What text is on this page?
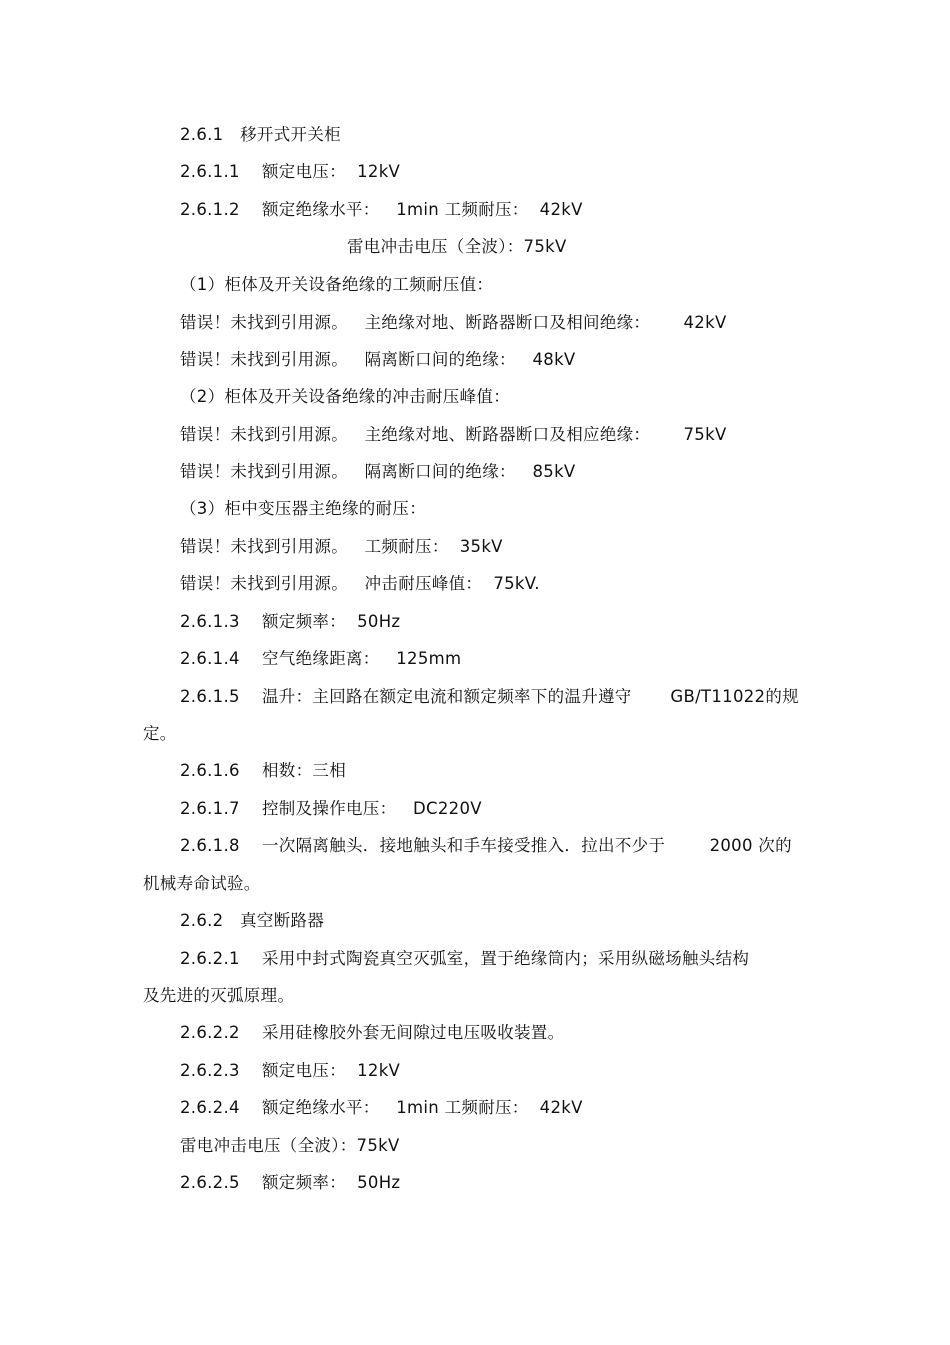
2.6.1   移开式开关柜
2.6.1.1    额定电压：  12kV
2.6.1.2    额定绝缘水平：   1min 工频耐压：  42kV
雷电冲击电压（全波）：75kV
（1）柜体及开关设备绝缘的工频耐压值：
错误！未找到引用源。   主绝缘对地、断路器断口及相间绝缘：      42kV
错误！未找到引用源。   隔离断口间的绝缘：   48kV
（2）柜体及开关设备绝缘的冲击耐压峰值：
错误！未找到引用源。   主绝缘对地、断路器断口及相应绝缘：      75kV
错误！未找到引用源。   隔离断口间的绝缘：   85kV
（3）柜中变压器主绝缘的耐压：
错误！未找到引用源。   工频耐压：  35kV
错误！未找到引用源。   冲击耐压峰值：  75kV.
2.6.1.3    额定频率：  50Hz
2.6.1.4    空气绝缘距离：   125mm
2.6.1.5    温升：主回路在额定电流和额定频率下的温升遵守       GB/T11022的规
定。
2.6.1.6    相数：三相
2.6.1.7    控制及操作电压：   DC220V
2.6.1.8    一次隔离触头．接地触头和手车接受推入．拉出不少于        2000 次的
机械寿命试验。
2.6.2   真空断路器
2.6.2.1    采用中封式陶瓷真空灭弧室，置于绝缘筒内；采用纵磁场触头结构
及先进的灭弧原理。
2.6.2.2    采用硅橡胶外套无间隙过电压吸收装置。
2.6.2.3    额定电压：  12kV
2.6.2.4    额定绝缘水平：   1min 工频耐压：  42kV
雷电冲击电压（全波）：75kV
2.6.2.5    额定频率：  50Hz
